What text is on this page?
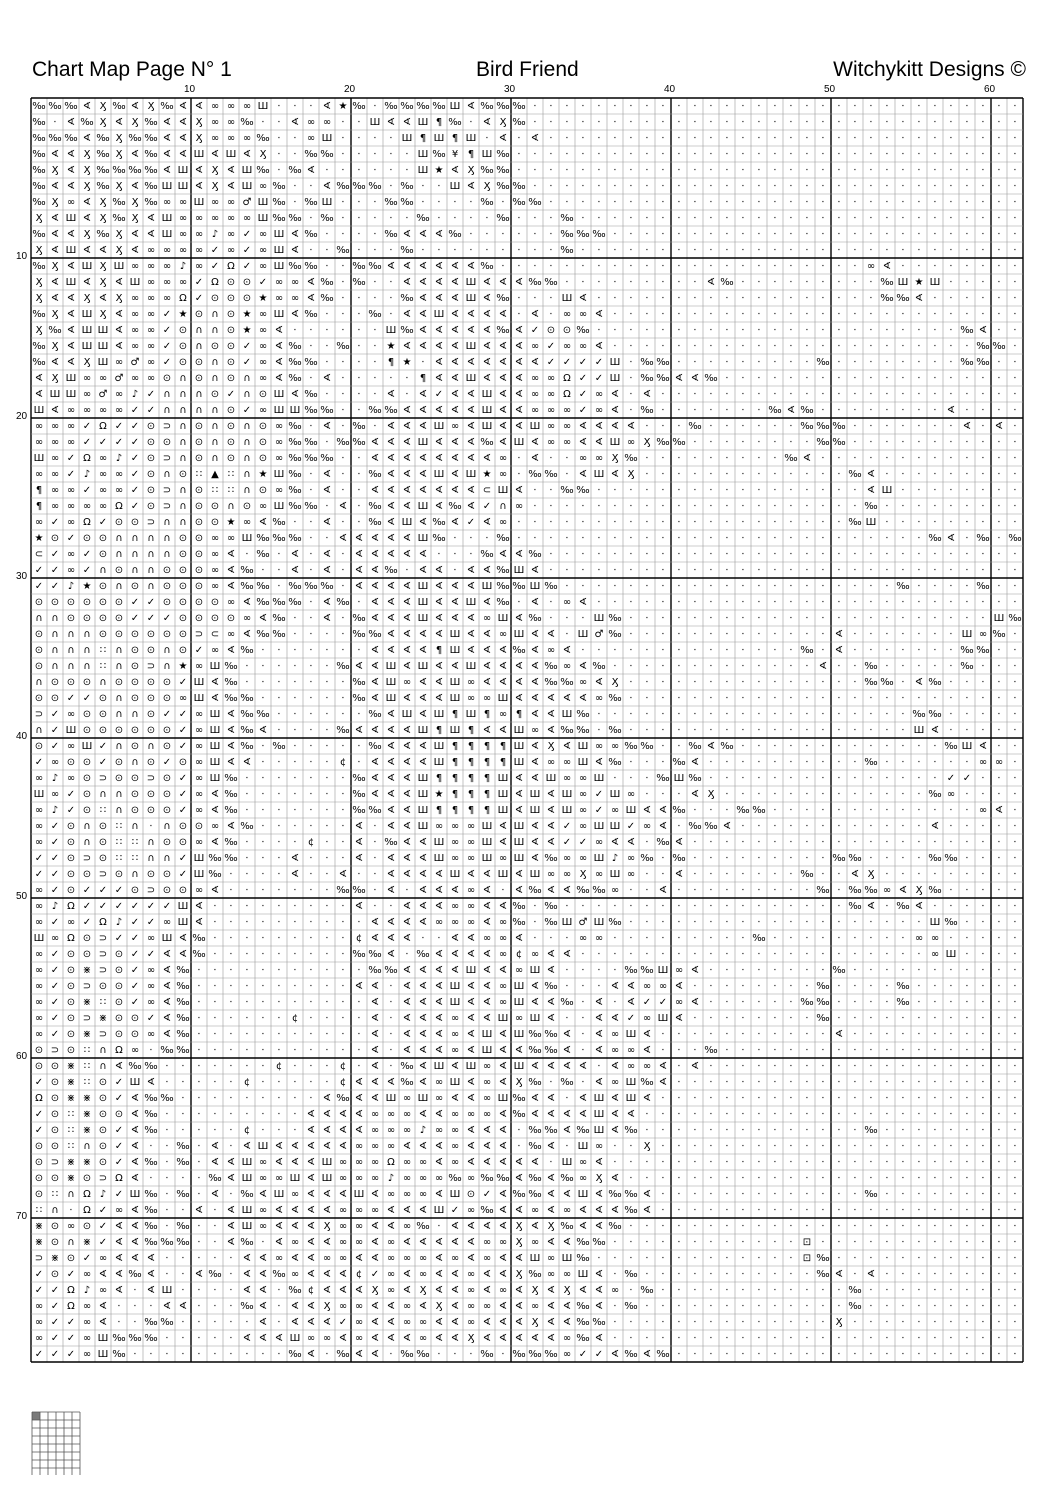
Chart Map Page N° 1	Bird Friend	Witchykitt Designs ©
10	20	30	40	50	60
10
20
30
40
50
60
70
‰ ‰ ‰ ∢ Ӽ ‰ ∢ Ӽ ‰ ∢ ∢ ∞ ∞ ∞ Ш ⋅ ⋅ ⋅ ∢ ★ ‰ ⋅ ‰ ‰ ‰ ‰ Ш ∢ ‰ ‰ ‰ ⋅ ⋅ ⋅ ⋅ ⋅ ⋅ ⋅ ⋅ ⋅ ⋅ ⋅ ⋅ ⋅ ⋅ ⋅ ⋅ ⋅ ⋅ ⋅ ⋅ ⋅ ⋅ ⋅ ⋅ ⋅ ⋅ ⋅ ⋅ ⋅ ⋅ ⋅
‰ ⋅ ∢ ‰ Ӽ ∢ Ӽ ‰ ∢ ∢ Ӽ ∞ ∞ ‰ ⋅ ⋅ ∢ ∞ ∞ ⋅ ⋅ Ш ∢ ∢ Ш ¶ ‰ ⋅ ∢ Ӽ ‰ ⋅ ⋅ ⋅ ⋅ ⋅ ⋅ ⋅ ⋅ ⋅ ⋅ ⋅ ⋅ ⋅ ⋅ ⋅ ⋅ ⋅ ⋅ ⋅ ⋅ ⋅ ⋅ ⋅ ⋅ ⋅ ⋅ ⋅ ⋅ ⋅ ⋅ ⋅
‰ ‰ ‰ ∢ ‰ Ӽ ‰ ‰ ∢ ∢ Ӽ ∞ ∞ ∞ ‰ ⋅ ⋅ ∞ Ш ⋅ ⋅ ⋅ ⋅ Ш ¶ Ш ¶ Ш ⋅ ∢ ⋅ ∢ ⋅ ⋅ ⋅ ⋅ ⋅ ⋅ ⋅ ⋅ ⋅ ⋅ ⋅ ⋅ ⋅ ⋅ ⋅ ⋅ ⋅ ⋅ ⋅ ⋅ ⋅ ⋅ ⋅ ⋅ ⋅ ⋅ ⋅ ⋅ ⋅ ⋅
‰ ∢ ∢ Ӽ ‰ Ӽ ∢ ‰ ∢ ∢ Ш ∢ Ш ∢ Ӽ ⋅ ⋅ ‰ ‰ ⋅ ⋅ ⋅ ⋅ ⋅ Ш ‰ ¥ ¶ Ш ‰ ⋅ ⋅ ⋅ ⋅ ⋅ ⋅ ⋅ ⋅ ⋅ ⋅ ⋅ ⋅ ⋅ ⋅ ⋅ ⋅ ⋅ ⋅ ⋅ ⋅ ⋅ ⋅ ⋅ ⋅ ⋅ ⋅ ⋅ ⋅ ⋅ ⋅ ⋅ ⋅
‰ Ӽ ∢ Ӽ ‰ ‰ ‰ ‰ ∢ Ш ∢ Ӽ ∢ Ш ‰ ⋅ ‰ ∢ ⋅ ⋅ ⋅ ⋅ ⋅ ⋅ Ш ★ ∢ Ӽ ‰ ‰ ⋅ ⋅ ⋅ ⋅ ⋅ ⋅ ⋅ ⋅ ⋅ ⋅ ⋅ ⋅ ⋅ ⋅ ⋅ ⋅ ⋅ ⋅ ⋅ ⋅ ⋅ ⋅ ⋅ ⋅ ⋅ ⋅ ⋅ ⋅ ⋅ ⋅ ⋅ ⋅
‰ ∢ ∢ Ӽ ‰ Ӽ ∢ ‰ Ш Ш ∢ Ӽ ∢ Ш ∞ ‰ ⋅ ⋅ ∢ ‰ ‰ ‰ ⋅ ‰ ⋅ ⋅ Ш ∢ Ӽ ‰ ‰ ⋅ ⋅ ⋅ ⋅ ⋅ ⋅ ⋅ ⋅ ⋅ ⋅ ⋅ ⋅ ⋅ ⋅ ⋅ ⋅ ⋅ ⋅ ⋅ ⋅ ⋅ ⋅ ⋅ ⋅ ⋅ ⋅ ⋅ ⋅ ⋅ ⋅ ⋅
‰ Ӽ ∞ ∢ Ӽ ‰ Ӽ ‰ ∞ ∞ Ш ∞ ∞ ♂ Ш ‰ ⋅ ‰ Ш ⋅ ⋅ ⋅ ‰ ‰ ⋅ ⋅ ⋅ ⋅ ‰ ⋅ ‰ ‰ ⋅ ⋅ ⋅ ⋅ ⋅ ⋅ ⋅ ⋅ ⋅ ⋅ ⋅ ⋅ ⋅ ⋅ ⋅ ⋅ ⋅ ⋅ ⋅ ⋅ ⋅ ⋅ ⋅ ⋅ ⋅ ⋅ ⋅ ⋅ ⋅ ⋅
Ӽ ∢ Ш ∢ Ӽ ‰ Ӽ ∢ Ш ∞ ∞ ∞ ∞ ∞ Ш ‰ ‰ ⋅ ‰ ⋅ ⋅ ⋅ ⋅ ⋅ ‰ ⋅ ⋅ ⋅ ⋅ ‰ ⋅ ⋅ ⋅ ‰ ⋅ ⋅ ⋅ ⋅ ⋅ ⋅ ⋅ ⋅ ⋅ ⋅ ⋅ ⋅ ⋅ ⋅ ⋅ ⋅ ⋅ ⋅ ⋅ ⋅ ⋅ ⋅ ⋅ ⋅ ⋅ ⋅ ⋅ ⋅
‰ ∢ ∢ Ӽ ‰ Ӽ ∢ ∢ Ш ∞ ∞ ♪ ∞ ✓ ∞ Ш ∢ ‰ ⋅ ⋅ ⋅ ⋅ ‰ ∢ ∢ ∢ ‰ ⋅ ⋅ ⋅ ⋅ ⋅ ⋅ ‰ ‰ ‰ ⋅ ⋅ ⋅ ⋅ ⋅ ⋅ ⋅ ⋅ ⋅ ⋅ ⋅ ⋅ ⋅ ⋅ ⋅ ⋅ ⋅ ⋅ ⋅ ⋅ ⋅ ⋅ ⋅ ⋅ ⋅ ⋅
Ӽ ∢ Ш ∢ ∢ Ӽ ∢ ∞ ∞ ∞ ∞ ✓ ∞ ✓ ∞ Ш ∢ ⋅ ⋅ ‰ ⋅ ⋅ ⋅ ‰ ⋅ ⋅ ⋅ ⋅ ⋅ ⋅ ⋅ ⋅ ⋅ ‰ ⋅ ⋅ ⋅ ⋅ ⋅ ⋅ ⋅ ⋅ ⋅ ⋅ ⋅ ⋅ ⋅ ⋅ ⋅ ⋅ ⋅ ⋅ ⋅ ⋅ ⋅ ⋅ ⋅ ⋅ ⋅ ⋅ ⋅ ⋅
‰ Ӽ ∢ Ш Ӽ Ш ∞ ∞ ∞ ♪ ∞ ✓ Ω ✓ ∞ Ш ‰ ‰ ⋅ ⋅ ‰ ‰ ∢ ∢ ∢ ∢ ∢ ∢ ‰ ⋅ ⋅ ⋅ ⋅ ⋅ ⋅ ⋅ ⋅ ⋅ ⋅ ⋅ ⋅ ⋅ ⋅ ⋅ ⋅ ⋅ ⋅ ⋅ ⋅ ⋅ ⋅ ⋅ ∞ ∢ ⋅ ⋅ ⋅ ⋅ ⋅ ⋅ ⋅ ⋅
Ӽ ∢ Ш ∢ Ӽ ∢ Ш ∞ ∞ ∞ ✓ Ω ⊙ ⊙ ✓ ∞ ∞ ∢ ‰ ⋅ ‰ ⋅ ⋅ ∢ ∢ ∢ ∢ Ш ∢ ∢ ∢ ‰ ‰ ⋅ ⋅ ⋅ ⋅ ⋅ ⋅ ⋅ ⋅ ⋅ ∢ ‰ ⋅ ⋅ ⋅ ⋅ ⋅ ⋅ ⋅ ⋅ ⋅ ‰ Ш ★ Ш ⋅ ⋅ ⋅ ⋅ ⋅
Ӽ ∢ ∢ Ӽ ∢ Ӽ ∞ ∞ ∞ Ω ✓ ⊙ ⊙ ⊙ ★ ∞ ∞ ∢ ‰ ⋅ ⋅ ⋅ ⋅ ‰ ∢ ∢ ∢ Ш ∢ ‰ ⋅ ⋅ ⋅ Ш ∢ ⋅ ⋅ ⋅ ⋅ ⋅ ⋅ ⋅ ⋅ ⋅ ⋅ ⋅ ⋅ ⋅ ⋅ ⋅ ⋅ ⋅ ⋅ ‰ ‰ ∢ ⋅ ⋅ ⋅ ⋅ ⋅ ⋅
‰ Ӽ ∢ Ш Ӽ ∢ ∞ ∞ ✓ ★ ⊙ ∩ ⊙ ★ ∞ Ш ∢ ‰ ⋅ ⋅ ⋅ ‰ ⋅ ∢ ∢ Ш ∢ ∢ ∢ ∢ ⋅ ∢ ⋅ ∞ ∞ ∢ ⋅ ⋅ ⋅ ⋅ ⋅ ⋅ ⋅ ⋅ ⋅ ⋅ ⋅ ⋅ ⋅ ⋅ ⋅ ⋅ ⋅ ⋅ ⋅ ⋅ ⋅ ⋅ ⋅ ⋅ ⋅ ⋅
Ӽ ‰ ∢ Ш Ш ∢ ∞ ∞ ✓ ⊙ ∩ ∩ ⊙ ★ ∞ ∢ ⋅ ⋅ ⋅ ⋅ ⋅ ⋅ Ш ‰ ∢ ∢ ∢ ∢ ∢ ‰ ∢ ✓ ⊙ ⊙ ‰ ⋅ ⋅ ⋅ ⋅ ⋅ ⋅ ⋅ ⋅ ⋅ ⋅ ⋅ ⋅ ⋅ ⋅ ⋅ ⋅ ⋅ ⋅ ⋅ ⋅ ⋅ ⋅ ⋅ ‰ ∢ ⋅ ⋅
‰ Ӽ ∢ Ш Ш ∢ ∞ ∞ ✓ ⊙ ∩ ⊙ ⊙ ✓ ∞ ∢ ‰ ⋅ ⋅ ‰ ⋅ ⋅ ★ ∢ ∢ ∢ ∢ Ш ∢ ∢ ∢ ∞ ✓ ∞ ∞ ∢ ⋅ ⋅ ⋅ ⋅ ⋅ ⋅ ⋅ ⋅ ⋅ ⋅ ⋅ ⋅ ⋅ ⋅ ⋅ ⋅ ⋅ ⋅ ⋅ ⋅ ⋅ ⋅ ⋅ ‰ ‰ ⋅
‰ ∢ ∢ Ӽ Ш ∞ ♂ ∞ ✓ ⊙ ⊙ ∩ ⊙ ✓ ∞ ∢ ‰ ‰ ⋅ ⋅ ⋅ ⋅ ¶ ★ ⋅ ∢ ∢ ∢ ∢ ∢ ∢ ∢ ✓ ✓ ✓ ✓ Ш ⋅ ‰ ‰ ⋅ ⋅ ⋅ ⋅ ⋅ ⋅ ⋅ ⋅ ⋅ ‰ ⋅ ⋅ ⋅ ⋅ ⋅ ⋅ ⋅ ⋅ ‰ ‰ ⋅ ⋅
∢ Ӽ Ш ∞ ∞ ♂ ∞ ∞ ⊙ ∩ ⊙ ∩ ⊙ ∩ ∞ ∢ ‰ ⋅ ∢ ⋅ ⋅ ⋅ ⋅ ⋅ ¶ ∢ ∢ Ш ∢ ∢ ∢ ∞ ∞ Ω ✓ ✓ Ш ⋅ ‰ ‰ ∢ ∢ ‰ ⋅ ⋅ ⋅ ⋅ ⋅ ⋅ ⋅ ⋅ ⋅ ⋅ ⋅ ⋅ ⋅ ⋅ ⋅ ⋅ ⋅ ⋅ ⋅
∢ Ш Ш ∞ ♂ ∞ ♪ ✓ ∩ ∩ ∩ ⊙ ✓ ∩ ⊙ Ш ∢ ‰ ⋅ ⋅ ⋅ ⋅ ∢ ⋅ ∢ ✓ ∢ ∢ Ш ∢ ∢ ∞ ∞ Ω ✓ ∞ ∢ ⋅ ∢ ⋅ ⋅ ⋅ ⋅ ⋅ ⋅ ⋅ ⋅ ⋅ ⋅ ⋅ ⋅ ⋅ ⋅ ⋅ ⋅ ⋅ ⋅ ⋅ ⋅ ⋅ ⋅ ⋅
Ш ∢ ∞ ∞ ∞ ∞ ✓ ✓ ∩ ∩ ∩ ∩ ⊙ ✓ ∞ Ш Ш ‰ ‰ ⋅ ⋅ ‰ ‰ ∢ ∢ ∢ ∢ ∢ Ш ∢ ∢ ∞ ∞ ∞ ✓ ∞ ∢ ⋅ ‰ ⋅ ⋅ ⋅ ⋅ ⋅ ⋅ ⋅ ‰ ∢ ‰ ⋅ ⋅ ⋅ ⋅ ⋅ ⋅ ⋅ ⋅ ∢ ⋅ ⋅ ⋅ ⋅
∞ ∞ ∞ ✓ Ω ✓ ✓ ⊙ ⊃ ∩ ⊙ ∩ ⊙ ∩ ⊙ ∞ ‰ ⋅ ∢ ⋅ ‰ ⋅ ∢ ∢ ∢ Ш ∞ ∢ Ш ∢ ∢ Ш ∞ ∞ ∢ ∢ ∢ ∢ ⋅ ⋅ ⋅ ‰ ⋅ ⋅ ⋅ ⋅ ⋅ ⋅ ‰ ‰ ‰ ⋅ ⋅ ⋅ ⋅ ⋅ ⋅ ⋅ ∢ ⋅ ∢ ⋅
∞ ∞ ∞ ✓ ✓ ✓ ✓ ⊙ ⊙ ∩ ⊙ ∩ ⊙ ∩ ⊙ ∞ ‰ ‰ ⋅ ‰ ‰ ∢ ∢ ∢ Ш ∢ ∢ ∢ ‰ ∢ Ш ∢ ∞ ∞ ∢ ∢ Ш ∞ Ӽ ‰ ‰ ⋅ ⋅ ⋅ ⋅ ⋅ ⋅ ⋅ ⋅ ‰ ‰ ⋅ ⋅ ⋅ ⋅ ⋅ ⋅ ⋅ ⋅ ⋅ ⋅ ⋅
Ш ∞ ✓ Ω ∞ ♪ ✓ ⊙ ⊃ ∩ ⊙ ∩ ⊙ ∩ ⊙ ∞ ‰ ‰ ‰ ⋅ ⋅ ∢ ∢ ∢ ∢ ∢ ∢ ∢ ∢ ∞ ⋅ ∢ ⋅ ⋅ ∞ ∞ Ӽ ‰ ⋅ ⋅ ⋅ ⋅ ⋅ ⋅ ⋅ ⋅ ⋅ ‰ ∢ ⋅ ⋅ ⋅ ⋅ ⋅ ⋅ ⋅ ⋅ ⋅ ⋅ ⋅ ⋅ ⋅
∞ ∞ ✓ ♪ ∞ ∞ ✓ ⊙ ∩ ⊙ ∷ ▲ ∷ ∩ ★ Ш ‰ ⋅ ∢ ⋅ ⋅ ‰ ∢ ∢ ∢ Ш ∢ Ш ★ ∞ ⋅ ‰ ‰ ⋅ ∢ Ш ∢ Ӽ ⋅ ⋅ ⋅ ⋅ ⋅ ⋅ ⋅ ⋅ ⋅ ⋅ ⋅ ⋅ ⋅ ‰ ∢ ⋅ ⋅ ⋅ ⋅ ⋅ ⋅ ⋅ ⋅ ⋅
¶ ∞ ∞ ✓ ∞ ∞ ✓ ⊙ ⊃ ∩ ⊙ ∷ ∷ ∩ ⊙ ∞ ‰ ⋅ ∢ ⋅ ⋅ ∢ ∢ ∢ ∢ ∢ ∢ ∢ ⊂ Ш ∢ ⋅ ⋅ ‰ ‰ ⋅ ⋅ ⋅ ⋅ ⋅ ⋅ ⋅ ⋅ ⋅ ⋅ ⋅ ⋅ ⋅ ⋅ ⋅ ⋅ ⋅ ∢ Ш ⋅ ⋅ ⋅ ⋅ ⋅ ⋅ ⋅ ⋅
¶ ∞ ∞ ∞ ∞ Ω ✓ ⊙ ⊃ ∩ ⊙ ⊙ ∩ ⊙ ∞ Ш ‰ ‰ ⋅ ∢ ⋅ ‰ ∢ ∢ Ш ∢ ‰ ∢ ✓ ∩ ∞ ⋅ ⋅ ⋅ ⋅ ⋅ ⋅ ⋅ ⋅ ⋅ ⋅ ⋅ ⋅ ⋅ ⋅ ⋅ ⋅ ⋅ ⋅ ⋅ ⋅ ⋅ ‰ ⋅ ⋅ ⋅ ⋅ ⋅ ⋅ ⋅ ⋅ ⋅
∞ ✓ ∞ Ω ✓ ⊙ ⊙ ⊃ ∩ ∩ ⊙ ⊙ ★ ∞ ∢ ‰ ⋅ ⋅ ∢ ⋅ ⋅ ‰ ∢ Ш ∢ ‰ ∢ ✓ ∢ ∞ ⋅ ⋅ ⋅ ⋅ ⋅ ⋅ ⋅ ⋅ ⋅ ⋅ ⋅ ⋅ ⋅ ⋅ ⋅ ⋅ ⋅ ⋅ ⋅ ⋅ ⋅ ‰ Ш ⋅ ⋅ ⋅ ⋅ ⋅ ⋅ ⋅ ⋅ ⋅
★ ⊙ ✓ ⊙ ⊙ ∩ ∩ ∩ ∩ ⊙ ⊙ ∞ ∞ Ш ‰ ‰ ‰ ⋅ ⋅ ∢ ∢ ∢ ∢ ∢ Ш ‰ ⋅ ⋅ ⋅ ‰ ⋅ ⋅ ⋅ ⋅ ⋅ ⋅ ⋅ ⋅ ⋅ ⋅ ⋅ ⋅ ⋅ ⋅ ⋅ ⋅ ⋅ ⋅ ⋅ ⋅ ⋅ ⋅ ⋅ ⋅ ⋅ ⋅ ‰ ∢ ⋅ ‰ ⋅ ‰
⊂ ✓ ∞ ✓ ⊙ ∩ ∩ ∩ ∩ ⊙ ⊙ ∞ ∢ ⋅ ‰ ⋅ ∢ ⋅ ∢ ⋅ ∢ ∢ ∢ ∢ ∢ ⋅ ⋅ ⋅ ‰ ∢ ∢ ‰ ⋅ ⋅ ⋅ ⋅ ⋅ ⋅ ⋅ ⋅ ⋅ ⋅ ⋅ ⋅ ⋅ ⋅ ⋅ ⋅ ⋅ ⋅ ⋅ ⋅ ⋅ ⋅ ⋅ ⋅ ⋅ ⋅ ⋅ ⋅ ⋅ ⋅
✓ ✓ ∞ ✓ ∩ ⊙ ∩ ∩ ⊙ ⊙ ⊙ ∞ ∢ ‰ ⋅ ⋅ ∢ ⋅ ∢ ⋅ ∢ ∢ ‰ ⋅ ∢ ∢ ⋅ ∢ ∢ ‰ Ш ∢ ⋅ ⋅ ⋅ ⋅ ⋅ ⋅ ⋅ ⋅ ⋅ ⋅ ⋅ ⋅ ⋅ ⋅ ⋅ ⋅ ⋅ ⋅ ⋅ ⋅ ⋅ ⋅ ⋅ ⋅ ⋅ ⋅ ⋅ ⋅ ⋅ ⋅
✓ ✓ ♪ ★ ⊙ ∩ ⊙ ∩ ⊙ ⊙ ⊙ ∞ ∢ ‰ ‰ ⋅ ‰ ‰ ‰ ⋅ ∢ ∢ ∢ ∢ Ш ∢ ∢ ∢ Ш ‰ ‰ Ш ‰ ⋅ ⋅ ⋅ ⋅ ⋅ ⋅ ⋅ ⋅ ⋅ ⋅ ⋅ ⋅ ⋅ ⋅ ⋅ ⋅ ⋅ ⋅ ⋅ ⋅ ⋅ ‰ ⋅ ⋅ ⋅ ⋅ ‰ ⋅ ⋅
⊙ ⊙ ⊙ ⊙ ⊙ ⊙ ✓ ✓ ⊙ ⊙ ⊙ ⊙ ∞ ∢ ‰ ‰ ‰ ⋅ ∢ ‰ ⋅ ∢ ∢ ∢ Ш ∢ ∢ Ш ∢ ‰ ⋅ ∢ ⋅ ∞ ∢ ⋅ ⋅ ⋅ ⋅ ⋅ ⋅ ⋅ ⋅ ⋅ ⋅ ⋅ ⋅ ⋅ ⋅ ⋅ ⋅ ⋅ ⋅ ⋅ ⋅ ⋅ ⋅ ⋅ ⋅ ⋅ ⋅ ⋅
∩ ∩ ⊙ ⊙ ⊙ ⊙ ✓ ✓ ✓ ⊙ ⊙ ⊙ ⊙ ∞ ∢ ‰ ⋅ ⋅ ∢ ⋅ ‰ ∢ ∢ ∢ Ш ∢ ∢ ∢ ∞ Ш ∢ ‰ ⋅ ⋅ ⋅ Ш ‰ ⋅ ⋅ ⋅ ⋅ ⋅ ⋅ ⋅ ⋅ ⋅ ⋅ ⋅ ⋅ ⋅ ⋅ ⋅ ⋅ ⋅ ⋅ ⋅ ⋅ ⋅ ⋅ ⋅ Ш ‰
⊙ ∩ ∩ ∩ ⊙ ⊙ ⊙ ⊙ ⊙ ⊙ ⊃ ⊂ ∞ ∢ ‰ ‰ ⋅ ⋅ ⋅ ⋅ ‰ ‰ ∢ ∢ ∢ ∢ Ш ∢ ∢ ∞ Ш ∢ ∢ ⋅ Ш ♂ ‰ ⋅ ⋅ ⋅ ⋅ ⋅ ⋅ ⋅ ⋅ ⋅ ⋅ ⋅ ⋅ ⋅ ∢ ⋅ ⋅ ⋅ ⋅ ⋅ ⋅ ⋅ Ш ∞ ‰ ⋅
⊙ ∩ ∩ ∩ ∷ ∩ ⊙ ⊙ ∩ ⊙ ✓ ∞ ∢ ‰ ⋅ ⋅ ⋅ ⋅ ⋅ ⋅ ⋅ ∢ ∢ ∢ ∢ ¶ Ш ∢ ∢ ∢ ‰ ∢ ∞ ∢ ⋅ ⋅ ⋅ ⋅ ⋅ ⋅ ⋅ ⋅ ⋅ ⋅ ⋅ ⋅ ⋅ ⋅ ‰ ⋅ ∢ ⋅ ⋅ ⋅ ⋅ ⋅ ⋅ ⋅ ‰ ‰ ⋅ ⋅
⊙ ∩ ∩ ∩ ∷ ∩ ⊙ ⊃ ∩ ★ ∞ Ш ‰ ⋅ ⋅ ⋅ ⋅ ⋅ ⋅ ‰ ∢ ∢ Ш ∢ Ш ∢ ∢ Ш ∢ ∢ ∢ ∢ ‰ ∞ ∢ ‰ ⋅ ⋅ ⋅ ⋅ ⋅ ⋅ ⋅ ⋅ ⋅ ⋅ ⋅ ⋅ ⋅ ∢ ⋅ ⋅ ‰ ⋅ ⋅ ⋅ ⋅ ⋅ ‰ ⋅ ⋅ ⋅
∩ ⊙ ⊙ ⊙ ∩ ⊙ ⊙ ⊙ ⊙ ✓ Ш ∢ ‰ ⋅ ⋅ ⋅ ⋅ ⋅ ⋅ ⋅ ‰ ∢ Ш ∞ ∢ ∢ Ш ∞ ∢ ∢ ∢ ∢ ‰ ‰ ∞ ∢ Ӽ ⋅ ⋅ ⋅ ⋅ ⋅ ⋅ ⋅ ⋅ ⋅ ⋅ ⋅ ⋅ ⋅ ⋅ ⋅ ‰ ‰ ⋅ ∢ ‰ ⋅ ⋅ ⋅ ⋅ ⋅
⊙ ⊙ ✓ ✓ ⊙ ∩ ⊙ ⊙ ⊙ ∞ Ш ∢ ‰ ‰ ⋅ ⋅ ⋅ ⋅ ⋅ ⋅ ‰ ∢ Ш ∢ ∢ ∢ Ш ∞ ∞ Ш ∢ ∢ ∢ ∢ ∢ ∞ ‰ ⋅ ⋅ ⋅ ⋅ ⋅ ⋅ ⋅ ⋅ ⋅ ⋅ ⋅ ⋅ ⋅ ⋅ ⋅ ⋅ ⋅ ⋅ ⋅ ⋅ ⋅ ⋅ ⋅ ⋅ ⋅
⊃ ✓ ∞ ⊙ ⊙ ∩ ∩ ⊙ ✓ ✓ ∞ Ш ∢ ‰ ‰ ⋅ ⋅ ⋅ ⋅ ⋅ ⋅ ‰ ∢ Ш ∢ Ш ¶ Ш ¶ ∞ ¶ ∢ ∢ Ш ‰ ⋅ ⋅ ⋅ ⋅ ⋅ ⋅ ⋅ ⋅ ⋅ ⋅ ⋅ ⋅ ⋅ ⋅ ⋅ ⋅ ⋅ ⋅ ⋅ ⋅ ‰ ‰ ⋅ ⋅ ⋅ ⋅ ⋅
∩ ✓ Ш ⊙ ⊙ ⊙ ⊙ ⊙ ⊙ ✓ ∞ Ш ∢ ‰ ∢ ⋅ ⋅ ⋅ ⋅ ‰ ∢ ∢ ∢ ∢ Ш ¶ Ш ¶ ∢ ∢ Ш ∞ ∢ ‰ ‰ ⋅ ‰ ⋅ ⋅ ⋅ ⋅ ⋅ ⋅ ⋅ ⋅ ⋅ ⋅ ⋅ ⋅ ⋅ ⋅ ⋅ ⋅ ⋅ ⋅ Ш ∢ ⋅ ⋅ ⋅ ⋅ ⋅
⊙ ✓ ∞ Ш ✓ ∩ ⊙ ∩ ⊙ ✓ ∞ Ш ∢ ‰ ⋅ ‰ ⋅ ⋅ ⋅ ⋅ ⋅ ‰ ∢ ∢ ∢ Ш ¶ ¶ ¶ ¶ Ш ∢ Ӽ ∢ Ш ∞ ∞ ‰ ‰ ⋅ ⋅ ‰ ∢ ‰ ⋅ ⋅ ⋅ ⋅ ⋅ ⋅ ⋅ ⋅ ⋅ ⋅ ⋅ ⋅ ⋅ ‰ Ш ∢ ⋅ ⋅
✓ ∞ ⊙ ⊙ ✓ ⊙ ∩ ⊙ ✓ ⊙ ∞ Ш ∢ ∢ ⋅ ⋅ ⋅ ⋅ ⋅ ¢ ⋅ ∢ ∢ ∢ ∢ Ш ¶ ¶ ¶ ¶ Ш ∢ ∞ ∞ Ш ∢ ‰ ⋅ ⋅ ⋅ ‰ ∢ ⋅ ⋅ ⋅ ⋅ ⋅ ⋅ ⋅ ⋅ ⋅ ⋅ ‰ ⋅ ⋅ ⋅ ⋅ ⋅ ⋅ ∞ ∞ ⋅
∞ ♪ ∞ ⊙ ⊃ ⊙ ⊙ ⊃ ⊙ ✓ ∞ Ш ‰ ⋅ ⋅ ⋅ ⋅ ⋅ ⋅ ⋅ ‰ ∢ ∢ ∢ Ш ¶ ¶ ¶ ¶ Ш ∢ ∢ Ш ∞ ∞ Ш ⋅ ⋅ ⋅ ‰ Ш ‰ ⋅ ⋅ ⋅ ⋅ ⋅ ⋅ ⋅ ⋅ ⋅ ⋅ ⋅ ⋅ ⋅ ⋅ ⋅ ✓ ✓ ⋅ ⋅ ⋅
Ш ∞ ✓ ⊙ ∩ ∩ ⊙ ⊙ ⊙ ✓ ∞ ∢ ‰ ⋅ ⋅ ⋅ ⋅ ⋅ ⋅ ⋅ ‰ ∢ ∢ ∢ Ш ★ ¶ ¶ ¶ Ш ∢ Ш ∢ Ш ∞ ✓ Ш ∞ ⋅ ⋅ ⋅ ∢ Ӽ ⋅ ⋅ ⋅ ⋅ ⋅ ⋅ ⋅ ⋅ ⋅ ⋅ ⋅ ⋅ ⋅ ‰ ∞ ⋅ ⋅ ⋅ ⋅
∞ ♪ ✓ ⊙ ∷ ∩ ⊙ ⊙ ⊙ ✓ ∞ ∢ ‰ ⋅ ⋅ ⋅ ⋅ ⋅ ⋅ ⋅ ‰ ‰ ∢ ∢ Ш ¶ ¶ ¶ ¶ Ш ∢ Ш ∢ Ш ∞ ✓ ∞ Ш ∢ ∢ ‰ ⋅ ⋅ ⋅ ‰ ‰ ⋅ ⋅ ⋅ ⋅ ⋅ ⋅ ⋅ ⋅ ⋅ ⋅ ⋅ ⋅ ⋅ ∞ ∢ ⋅
∞ ✓ ⊙ ∩ ⊙ ∷ ∩ ⋅ ∩ ⊙ ⊙ ∞ ∢ ‰ ⋅ ⋅ ⋅ ⋅ ⋅ ⋅ ∢ ⋅ ∢ ∢ Ш ∞ ∞ ∞ Ш ∢ Ш ∢ ∢ ✓ ∞ Ш Ш ✓ ∞ ∢ ⋅ ‰ ‰ ∢ ⋅ ⋅ ⋅ ⋅ ⋅ ⋅ ⋅ ⋅ ⋅ ⋅ ⋅ ⋅ ∢ ⋅ ⋅ ⋅ ⋅ ⋅
∞ ✓ ⊙ ∩ ⊙ ∷ ∷ ∩ ⊙ ⊙ ∞ ∢ ‰ ⋅ ⋅ ⋅ ⋅ ¢ ⋅ ⋅ ∢ ⋅ ‰ ∢ ∢ Ш ∞ ∞ Ш ∢ Ш ∢ ∢ ✓ ✓ ∞ ∢ ∢ ⋅ ‰ ∢ ⋅ ⋅ ⋅ ⋅ ⋅ ⋅ ⋅ ⋅ ⋅ ⋅ ⋅ ⋅ ⋅ ⋅ ⋅ ⋅ ⋅ ⋅ ⋅ ⋅ ⋅
✓ ✓ ⊙ ⊃ ⊙ ∷ ∷ ∩ ∩ ✓ Ш ‰ ‰ ⋅ ⋅ ⋅ ∢ ⋅ ⋅ ⋅ ∢ ⋅ ∢ ∢ ∢ Ш ∞ ∞ Ш ∞ Ш ∢ ‰ ∞ ∞ Ш ♪ ∞ ‰ ⋅ ‰ ⋅ ⋅ ⋅ ⋅ ⋅ ⋅ ⋅ ⋅ ⋅ ‰ ‰ ⋅ ⋅ ⋅ ⋅ ‰ ‰ ⋅ ⋅ ⋅ ⋅
✓ ✓ ⊙ ⊙ ⊃ ⊙ ∩ ⊙ ⊙ ✓ Ш ‰ ⋅ ⋅ ⋅ ⋅ ∢ ⋅ ⋅ ∢ ⋅ ⋅ ∢ ∢ ∢ ∢ Ш ∢ ∢ Ш ∢ Ш ∞ ∞ Ӽ ∞ Ш ∞ ⋅ ⋅ ∢ ⋅ ⋅ ⋅ ⋅ ⋅ ⋅ ⋅ ‰ ⋅ ⋅ ∢ Ӽ ⋅ ⋅ ⋅ ⋅ ⋅ ⋅ ⋅ ⋅ ⋅
∞ ✓ ⊙ ✓ ✓ ✓ ⊙ ⊃ ⊙ ⊙ ∞ ∢ ⋅ ⋅ ⋅ ⋅ ⋅ ⋅ ⋅ ‰ ‰ ⋅ ∢ ⋅ ∢ ∢ ∢ ∞ ∢ ⋅ ∢ ‰ ∢ ∢ ‰ ‰ ∞ ⋅ ⋅ ∢ ⋅ ⋅ ⋅ ⋅ ⋅ ⋅ ⋅ ⋅ ⋅ ‰ ⋅ ‰ ‰ ∞ ∢ Ӽ ‰ ⋅ ⋅ ⋅ ⋅ ⋅
∞ ♪ Ω ✓ ✓ ✓ ✓ ✓ ✓ Ш ∢ ⋅ ⋅ ⋅ ⋅ ⋅ ⋅ ⋅ ⋅ ⋅ ∢ ⋅ ⋅ ∢ ∢ ∢ ∞ ∞ ∢ ∢ ‰ ⋅ ‰ ⋅ ⋅ ⋅ ⋅ ⋅ ⋅ ⋅ ⋅ ⋅ ⋅ ⋅ ⋅ ⋅ ⋅ ⋅ ⋅ ⋅ ⋅ ‰ ∢ ⋅ ‰ ∢ ⋅ ⋅ ⋅ ⋅ ⋅ ⋅
∞ ✓ ∞ ✓ Ω ♪ ✓ ✓ ∞ Ш ∢ ⋅ ⋅ ⋅ ⋅ ⋅ ⋅ ⋅ ⋅ ⋅ ⋅ ∢ ∢ ∢ ∢ ∞ ∞ ∞ ∢ ∞ ‰ ⋅ ‰ Ш ♂ Ш ‰ ⋅ ⋅ ⋅ ⋅ ⋅ ⋅ ⋅ ⋅ ⋅ ⋅ ⋅ ⋅ ⋅ ⋅ ⋅ ⋅ ⋅ ⋅ ⋅ Ш ‰ ⋅ ⋅ ⋅ ⋅
Ш ∞ Ω ⊙ ⊃ ✓ ✓ ∞ Ш ∢ ‰ ⋅ ⋅ ⋅ ⋅ ⋅ ⋅ ⋅ ⋅ ⋅ ¢ ∢ ∢ ∢ ⋅ ⋅ ∢ ∢ ∞ ∞ ∢ ⋅ ⋅ ⋅ ∞ ∞ ⋅ ⋅ ⋅ ⋅ ⋅ ⋅ ⋅ ⋅ ⋅ ‰ ⋅ ⋅ ⋅ ⋅ ⋅ ⋅ ⋅ ⋅ ⋅ ∞ ∞ ⋅ ⋅ ⋅ ⋅ ⋅
∞ ✓ ⊙ ⊙ ⊃ ⊙ ✓ ✓ ∢ ∢ ‰ ⋅ ⋅ ⋅ ⋅ ⋅ ⋅ ⋅ ⋅ ⋅ ‰ ‰ ∢ ⋅ ‰ ∢ ∢ ∢ ∢ ∞ ¢ ∞ ∢ ∢ ⋅ ⋅ ⋅ ⋅ ⋅ ⋅ ⋅ ⋅ ⋅ ⋅ ⋅ ⋅ ⋅ ⋅ ⋅ ⋅ ⋅ ⋅ ⋅ ⋅ ⋅ ⋅ ∞ Ш ⋅ ⋅ ⋅ ⋅
∞ ✓ ⊙ ⋇ ⊃ ⊙ ✓ ∞ ∢ ‰ ⋅ ⋅ ⋅ ⋅ ⋅ ⋅ ⋅ ⋅ ⋅ ⋅ ⋅ ‰ ‰ ∢ ∢ ∢ ∢ Ш ∢ ∢ ∞ Ш ∢ ⋅ ⋅ ⋅ ⋅ ‰ ‰ Ш ∞ ∢ ⋅ ⋅ ⋅ ⋅ ⋅ ⋅ ⋅ ⋅ ‰ ⋅ ⋅ ⋅ ⋅ ⋅ ⋅ ⋅ ⋅ ⋅ ⋅ ⋅
∞ ✓ ⊙ ⊃ ⊙ ⊙ ✓ ∞ ∢ ‰ ⋅ ⋅ ⋅ ⋅ ⋅ ⋅ ⋅ ⋅ ⋅ ⋅ ∢ ∢ ⋅ ∢ ∢ ∢ Ш ∢ ∢ ∞ Ш ∢ ‰ ⋅ ⋅ ⋅ ∢ ∢ ∞ ∞ ∢ ⋅ ⋅ ⋅ ⋅ ⋅ ⋅ ⋅ ⋅ ‰ ⋅ ⋅ ⋅ ⋅ ‰ ⋅ ⋅ ⋅ ⋅ ⋅ ⋅ ⋅
∞ ✓ ⊙ ⋇ ∷ ⊙ ✓ ∞ ∢ ‰ ⋅ ⋅ ⋅ ⋅ ⋅ ⋅ ⋅ ⋅ ⋅ ⋅ ⋅ ∢ ⋅ ∢ ∢ ∢ Ш ∢ ∢ ∞ Ш ∢ ∢ ‰ ⋅ ∢ ⋅ ∢ ✓ ✓ ∞ ∢ ⋅ ⋅ ⋅ ⋅ ⋅ ⋅ ‰ ‰ ⋅ ⋅ ⋅ ⋅ ‰ ⋅ ⋅ ⋅ ⋅ ⋅ ⋅ ⋅
∞ ✓ ⊙ ⊃ ⋇ ⊙ ⊙ ✓ ∢ ‰ ⋅ ⋅ ⋅ ⋅ ⋅ ⋅ ¢ ⋅ ⋅ ⋅ ⋅ ∢ ⋅ ∢ ∢ ∢ ∞ ∢ ∢ Ш ∞ Ш ∢ ⋅ ⋅ ∢ ∢ ✓ ∞ Ш ∢ ⋅ ⋅ ⋅ ⋅ ⋅ ⋅ ⋅ ⋅ ‰ ⋅ ⋅ ⋅ ⋅ ⋅ ⋅ ⋅ ⋅ ⋅ ⋅ ⋅ ⋅
∞ ✓ ⊙ ⋇ ⊃ ⊙ ⊙ ∞ ∢ ‰ ⋅ ⋅ ⋅ ⋅ ⋅ ⋅ ⋅ ⋅ ⋅ ⋅ ⋅ ∢ ⋅ ∢ ∢ ∢ ∞ ∢ Ш ∢ Ш ‰ ‰ ∢ ⋅ ∢ ∞ Ш ∢ ⋅ ⋅ ⋅ ⋅ ⋅ ⋅ ⋅ ⋅ ⋅ ⋅ ⋅ ∢ ⋅ ⋅ ⋅ ⋅ ⋅ ⋅ ⋅ ⋅ ⋅ ⋅ ⋅
⊙ ⊃ ⊙ ∷ ∩ Ω ∞ ⋅ ‰ ‰ ⋅ ⋅ ⋅ ⋅ ⋅ ⋅ ⋅ ⋅ ⋅ ⋅ ⋅ ∢ ⋅ ∢ ∢ ∢ ∞ ∢ Ш ∢ ∢ ‰ ‰ ∢ ⋅ ∢ ∞ ∞ ∢ ⋅ ⋅ ⋅ ‰ ⋅ ⋅ ⋅ ⋅ ⋅ ⋅ ⋅ ⋅ ⋅ ⋅ ⋅ ⋅ ⋅ ⋅ ⋅ ⋅ ⋅ ⋅ ⋅
⊙ ⊙ ⋇ ∷ ∩ ∢ ‰ ‰ ⋅ ⋅ ⋅ ⋅ ⋅ ⋅ ⋅ ¢ ⋅ ⋅ ⋅ ¢ ⋅ ∢ ⋅ ‰ ∢ Ш ∢ Ш ∞ ∢ Ш ∢ ∢ ∢ ∢ ⋅ ∢ ∞ ∞ ∢ ⋅ ∢ ⋅ ⋅ ⋅ ⋅ ⋅ ⋅ ⋅ ⋅ ⋅ ⋅ ⋅ ⋅ ⋅ ⋅ ⋅ ⋅ ⋅ ⋅ ⋅ ⋅
✓ ⊙ ⋇ ∷ ⊙ ✓ Ш ∢ ⋅ ⋅ ⋅ ⋅ ⋅ ¢ ⋅ ⋅ ⋅ ⋅ ⋅ ¢ ∢ ∢ ∢ ‰ ∢ ∞ Ш ∢ ∞ ∢ Ӽ ‰ ⋅ ‰ ⋅ ∢ ∞ Ш ‰ ∢ ⋅ ⋅ ⋅ ⋅ ⋅ ⋅ ⋅ ⋅ ⋅ ⋅ ⋅ ⋅ ⋅ ⋅ ⋅ ⋅ ⋅ ⋅ ⋅ ⋅ ⋅ ⋅
Ω ⊙ ⋇ ⋇ ⊙ ✓ ∢ ‰ ‰ ⋅ ⋅ ⋅ ⋅ ⋅ ⋅ ⋅ ⋅ ⋅ ∢ ‰ ∢ ∢ Ш ∞ Ш ∞ ∢ ∢ ∞ Ш ‰ ∢ ∢ ⋅ ∢ Ш ∢ Ш ∢ ⋅ ⋅ ⋅ ⋅ ⋅ ⋅ ⋅ ⋅ ⋅ ⋅ ⋅ ⋅ ⋅ ⋅ ⋅ ⋅ ⋅ ⋅ ⋅ ⋅ ⋅ ⋅ ⋅
✓ ⊙ ∷ ⋇ ⊙ ⊙ ∢ ‰ ⋅ ⋅ ⋅ ⋅ ⋅ ⋅ ⋅ ⋅ ⋅ ∢ ∢ ∢ ∢ ∞ ∞ ∞ ∢ ∢ ∞ ∞ ∞ ∢ ‰ ∢ ∢ ∢ ∢ Ш ∢ ∢ ⋅ ⋅ ⋅ ⋅ ⋅ ⋅ ⋅ ⋅ ⋅ ⋅ ⋅ ⋅ ⋅ ⋅ ⋅ ⋅ ⋅ ⋅ ⋅ ⋅ ⋅ ⋅ ⋅ ⋅
✓ ⊙ ∷ ⋇ ⊙ ✓ ∢ ‰ ⋅ ⋅ ⋅ ⋅ ⋅ ¢ ⋅ ⋅ ⋅ ∢ ∢ ∢ ∢ ∞ ∞ ∞ ♪ ∞ ∞ ∢ ∢ ∢ ⋅ ‰ ‰ ∢ ‰ Ш ∢ ‰ ⋅ ⋅ ⋅ ⋅ ⋅ ⋅ ⋅ ⋅ ⋅ ⋅ ⋅ ⋅ ⋅ ⋅ ‰ ⋅ ⋅ ⋅ ⋅ ⋅ ⋅ ⋅ ⋅ ⋅
⊙ ⊙ ∷ ∩ ⊙ ✓ ∢ ⋅ ⋅ ‰ ⋅ ∢ ⋅ ∢ Ш ∢ ∢ ∢ ∢ ∢ ∞ ∞ ∞ ∢ ∢ ∢ ∞ ∢ ∢ ∢ ⋅ ‰ ∢ ⋅ Ш ∞ ⋅ ⋅ Ӽ ⋅ ⋅ ⋅ ⋅ ⋅ ⋅ ⋅ ⋅ ⋅ ⋅ ⋅ ⋅ ⋅ ⋅ ⋅ ⋅ ⋅ ⋅ ⋅ ⋅ ⋅ ⋅ ⋅
⊙ ⊃ ⋇ ⋇ ⊙ ✓ ∢ ‰ ⋅ ‰ ⋅ ∢ ∢ Ш ∞ ∢ ∢ ∢ Ш ∞ ∞ ∞ Ω ∞ ∞ ∢ ∞ ∢ ∢ ∢ ∢ ∢ ⋅ Ш ∞ ∢ ⋅ ⋅ ⋅ ⋅ ⋅ ⋅ ⋅ ⋅ ⋅ ⋅ ⋅ ⋅ ⋅ ⋅ ⋅ ⋅ ⋅ ⋅ ⋅ ⋅ ⋅ ⋅ ⋅ ⋅ ⋅ ⋅
⊙ ⊙ ⋇ ⊙ ⊃ Ω ∢ ⋅ ⋅ ⋅ ⋅ ‰ ∢ Ш ∞ ∞ Ш ∢ Ш ∞ ∞ ∞ ♪ ∞ ∞ ∞ ‰ ∞ ‰ ‰ ∢ ‰ ∢ ‰ ∞ Ӽ ∢ ⋅ ⋅ ⋅ ⋅ ⋅ ⋅ ⋅ ⋅ ⋅ ⋅ ⋅ ⋅ ⋅ ⋅ ⋅ ⋅ ⋅ ⋅ ⋅ ⋅ ⋅ ⋅ ⋅ ⋅ ⋅
⊙ ∷ ∩ Ω ♪ ✓ Ш ‰ ⋅ ‰ ⋅ ∢ ⋅ ‰ ∢ Ш ∞ ∢ ∢ ∢ Ш ∢ ∞ ∞ ∞ ∢ Ш ⊙ ✓ ∢ ‰ ‰ ∢ ∢ Ш ∢ ‰ ‰ ∢ ⋅ ⋅ ⋅ ⋅ ⋅ ⋅ ⋅ ⋅ ⋅ ⋅ ⋅ ⋅ ⋅ ‰ ⋅ ⋅ ⋅ ⋅ ⋅ ⋅ ⋅ ⋅ ⋅
∷ ∩ ⋅ Ω ✓ ∞ ∢ ‰ ⋅ ⋅ ∢ ⋅ ∢ Ш ∞ ∢ ∢ ∢ ∢ ∞ ∞ ∞ ∢ ∢ ∢ Ш ✓ ∞ ‰ ∢ ∢ ∞ ∢ ∞ ∢ ∢ ∢ ‰ ∢ ⋅ ⋅ ⋅ ⋅ ⋅ ⋅ ⋅ ⋅ ⋅ ⋅ ⋅ ⋅ ⋅ ⋅ ⋅ ⋅ ⋅ ⋅ ⋅ ⋅ ⋅ ⋅ ⋅
⋇ ⊙ ∞ ⊙ ✓ ∢ ∢ ‰ ⋅ ‰ ⋅ ⋅ ∢ Ш ∞ ∢ ∢ ∢ Ӽ ∞ ∞ ∢ ∢ ∞ ‰ ⋅ ∢ ∢ ∢ ∢ Ӽ ∢ Ӽ ‰ ∢ ∢ ‰ ⋅ ⋅ ⋅ ⋅ ⋅ ⋅ ⋅ ⋅ ⋅ ⋅ ⋅ ⋅ ⋅ ⋅ ⋅ ⋅ ⋅ ⋅ ⋅ ⋅ ⋅ ⋅ ⋅ ⋅ ⋅
⋇ ⊙ ∩ ⋇ ✓ ∢ ∢ ‰ ‰ ‰ ⋅ ⋅ ∢ ‰ ⋅ ∢ ∞ ∢ ∢ ∞ ∞ ∢ ∞ ∢ ∢ ∢ ∢ ∢ ∞ ∞ Ӽ ∞ ∢ ∢ ‰ ‰ ⋅ ⋅ ⋅ ⋅ ⋅ ⋅ ⋅ ⋅ ⋅ ⋅ ⋅ ⋅ ⊡ ⋅ ⋅ ⋅ ⋅ ⋅ ⋅ ⋅ ⋅ ⋅ ⋅ ⋅ ⋅ ⋅
⊃ ⋇ ⊙ ✓ ∞ ∢ ∢ ∢ ⋅ ⋅ ⋅ ⋅ ⋅ ∢ ∢ ∞ ∢ ∢ ∞ ∞ ∢ ∢ ∞ ∞ ∞ ∢ ∞ ∢ ∞ ∢ ∢ Ш ∞ Ш ‰ ⋅ ⋅ ⋅ ⋅ ⋅ ⋅ ⋅ ⋅ ⋅ ⋅ ⋅ ⋅ ⋅ ⊡ ‰ ⋅ ⋅ ⋅ ⋅ ⋅ ⋅ ⋅ ⋅ ⋅ ⋅ ⋅ ⋅
✓ ⊙ ✓ ∞ ∢ ∢ ‰ ∢ ⋅ ⋅ ∢ ‰ ⋅ ∢ ∢ ‰ ∞ ∢ ∢ ∢ ¢ ✓ ∞ ∢ ∞ ∢ ∢ ∞ ∢ ∢ Ӽ ‰ ∞ ∞ Ш ∢ ⋅ ‰ ⋅ ⋅ ⋅ ⋅ ⋅ ⋅ ⋅ ⋅ ⋅ ⋅ ⋅ ‰ ∢ ⋅ ∢ ⋅ ⋅ ⋅ ⋅ ⋅ ⋅ ⋅ ⋅ ⋅
✓ ✓ Ω ♪ ∞ ∢ ⋅ ∢ Ш ⋅ ⋅ ⋅ ⋅ ∢ ∢ ⋅ ‰ ¢ ∢ ∢ ∢ Ӽ ∞ ∢ Ӽ ∢ ∢ ∞ ∢ ∞ ∢ Ӽ ∢ Ӽ ∢ ∢ ∞ ⋅ ‰ ⋅ ⋅ ⋅ ⋅ ⋅ ⋅ ⋅ ⋅ ⋅ ⋅ ⋅ ⋅ ‰ ⋅ ⋅ ⋅ ⋅ ⋅ ⋅ ⋅ ⋅ ⋅ ⋅
∞ ✓ Ω ∞ ∢ ⋅ ⋅ ⋅ ∢ ∢ ⋅ ⋅ ⋅ ‰ ∢ ⋅ ∢ ∢ Ӽ ∞ ∞ ∢ ∢ ∞ ∢ Ӽ ∢ ∞ ∞ ∢ ∢ ∞ ∢ ∢ ‰ ∢ ⋅ ‰ ⋅ ⋅ ⋅ ⋅ ⋅ ⋅ ⋅ ⋅ ⋅ ⋅ ⋅ ⋅ ⋅ ‰ ⋅ ⋅ ⋅ ⋅ ⋅ ⋅ ⋅ ⋅ ⋅ ⋅
∞ ✓ ✓ ∞ ∢ ⋅ ⋅ ‰ ‰ ⋅ ⋅ ⋅ ⋅ ⋅ ∢ ⋅ ∢ ∢ ∢ ✓ ∞ ∢ ∢ ∞ ∞ ∢ ∢ ∞ ∢ ∢ ∢ Ӽ ∢ ∢ ‰ ‰ ⋅ ⋅ ⋅ ⋅ ⋅ ⋅ ⋅ ⋅ ⋅ ⋅ ⋅ ⋅ ⋅ ⋅ Ӽ ⋅ ⋅ ⋅ ⋅ ⋅ ⋅ ⋅ ⋅ ⋅ ⋅ ⋅
∞ ✓ ✓ ∞ Ш ‰ ‰ ‰ ⋅ ⋅ ⋅ ⋅ ⋅ ∢ ∢ ∢ Ш ∞ ∞ ∢ ∞ ∢ ∢ ∢ ∞ ∢ ∢ Ӽ ∢ ∢ ∢ ∢ ∢ ∞ ‰ ∢ ⋅ ⋅ ⋅ ⋅ ⋅ ⋅ ⋅ ⋅ ⋅ ⋅ ⋅ ⋅ ⋅ ⋅ ⋅ ⋅ ⋅ ⋅ ⋅ ⋅ ⋅ ⋅ ⋅ ⋅ ⋅ ⋅
✓ ✓ ✓ ∞ Ш ‰ ⋅ ⋅ ⋅ ⋅ ⋅ ⋅ ⋅ ⋅ ⋅ ⋅ ‰ ∢ ⋅ ‰ ∢ ∢ ⋅ ‰ ‰ ⋅ ⋅ ⋅ ‰ ⋅ ‰ ‰ ‰ ∞ ✓ ✓ ∢ ‰ ∢ ‰ ⋅ ⋅ ⋅ ⋅ ⋅ ⋅ ⋅ ⋅ ⋅ ⋅ ⋅ ⋅ ⋅ ⋅ ⋅ ⋅ ⋅ ⋅ ⋅ ⋅ ⋅ ⋅
